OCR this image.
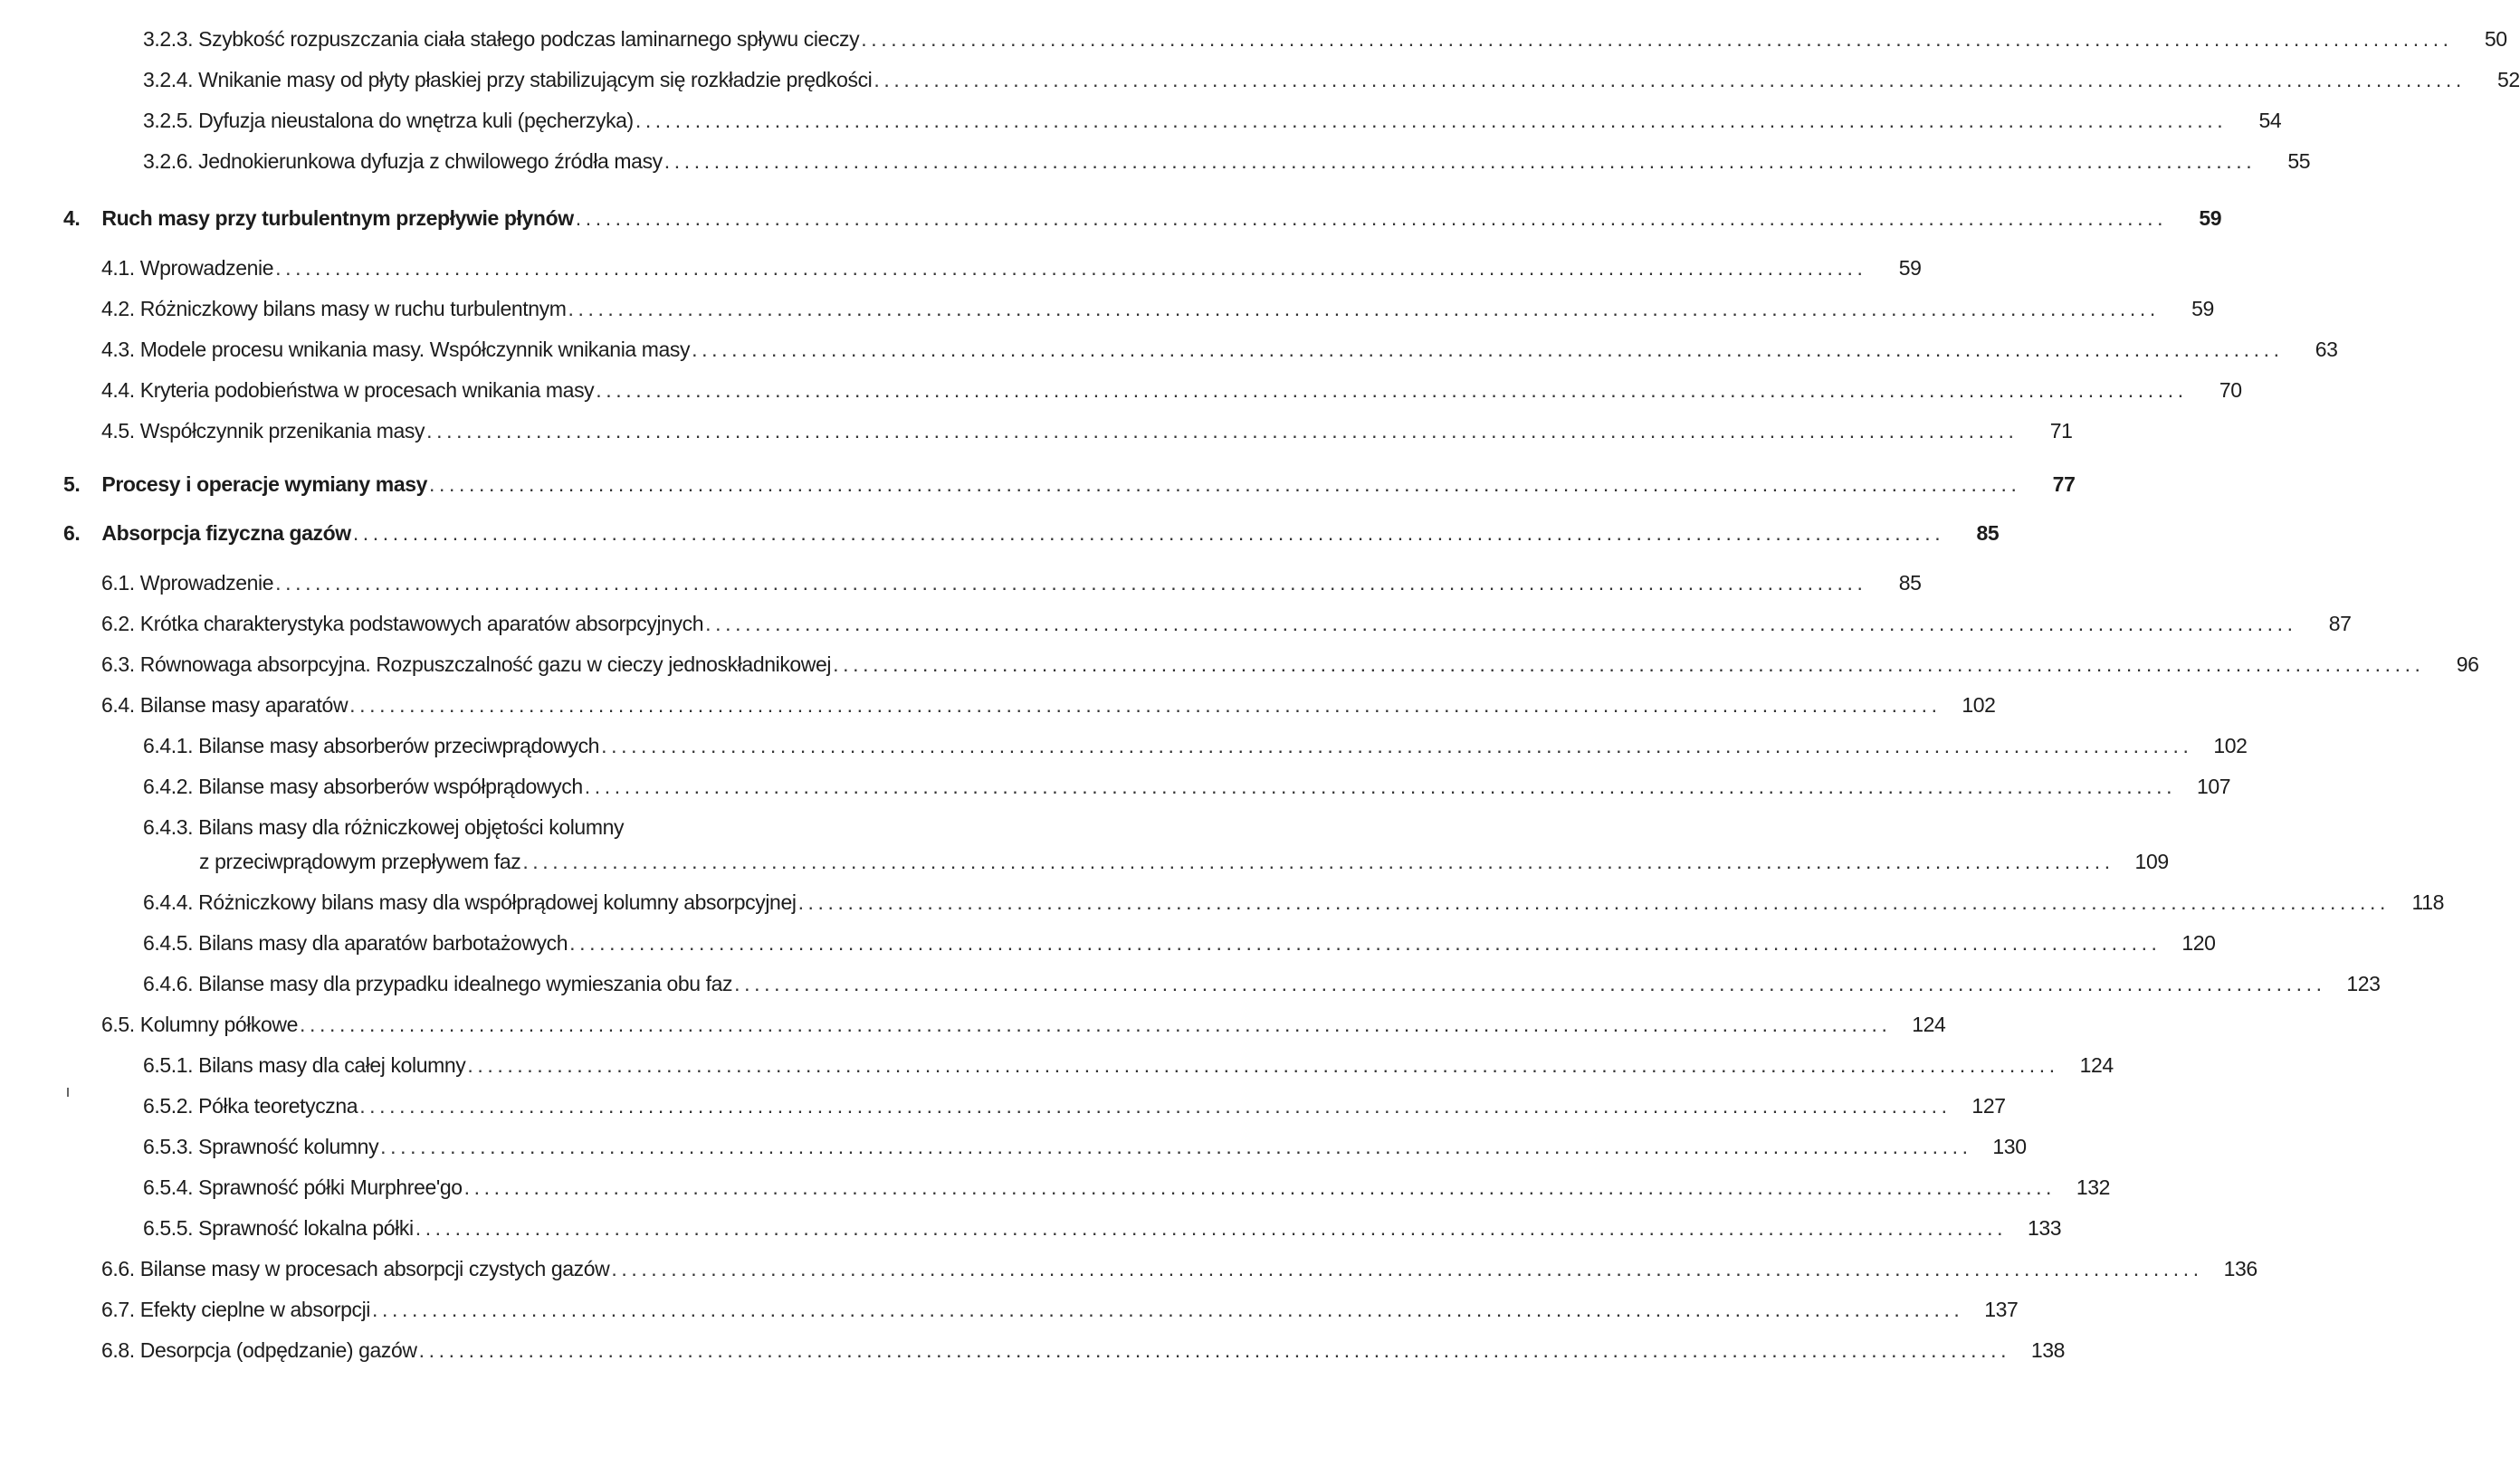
3.2.3. Szybkość rozpuszczania ciała stałego podczas laminarnego spływu cieczy ................................................................................................................................................................	50
3.2.4. Wnikanie masy od płyty płaskiej przy stabilizującym się rozkładzie prędkości ................................................................................................................................................................	52
3.2.5. Dyfuzja nieustalona do wnętrza kuli (pęcherzyka) ................................................................................................................................................................	54
3.2.6. Jednokierunkowa dyfuzja z chwilowego źródła masy ................................................................................................................................................................	55
4.	Ruch masy przy turbulentnym przepływie płynów ................................................................................................................................................................	59
4.1. Wprowadzenie ................................................................................................................................................................	59
4.2. Różniczkowy bilans masy w ruchu turbulentnym ................................................................................................................................................................	59
4.3. Modele procesu wnikania masy. Współczynnik wnikania masy ................................................................................................................................................................	63
4.4. Kryteria podobieństwa w procesach wnikania masy ................................................................................................................................................................	70
4.5. Współczynnik przenikania masy ................................................................................................................................................................	71
5.	Procesy i operacje wymiany masy ................................................................................................................................................................	77
6.	Absorpcja fizyczna gazów ................................................................................................................................................................	85
6.1. Wprowadzenie ................................................................................................................................................................	85
6.2. Krótka charakterystyka podstawowych aparatów absorpcyjnych ................................................................................................................................................................	87
6.3. Równowaga absorpcyjna. Rozpuszczalność gazu w cieczy jednoskładnikowej ................................................................................................................................................................	96
6.4. Bilanse masy aparatów ................................................................................................................................................................ 102
6.4.1. Bilanse masy absorberów przeciwprądowych ................................................................................................................................................................ 102
6.4.2. Bilanse masy absorberów współprądowych ................................................................................................................................................................ 107
6.4.3. Bilans masy dla różniczkowej objętości kolumny
z przeciwprądowym przepływem faz ................................................................................................................................................................ 109
6.4.4. Różniczkowy bilans masy dla współprądowej kolumny absorpcyjnej ................................................................................................................................................................	118
6.4.5. Bilans masy dla aparatów barbotażowych ................................................................................................................................................................ 120
6.4.6. Bilanse masy dla przypadku idealnego wymieszania obu faz ................................................................................................................................................................ 123
6.5. Kolumny półkowe ................................................................................................................................................................ 124
6.5.1. Bilans masy dla całej kolumny ................................................................................................................................................................ 124
6.5.2. Półka teoretyczna ................................................................................................................................................................ 127
6.5.3. Sprawność kolumny ................................................................................................................................................................ 130
6.5.4. Sprawność półki Murphree'go ................................................................................................................................................................ 132
6.5.5. Sprawność lokalna półki ................................................................................................................................................................ 133
6.6. Bilanse masy w procesach absorpcji czystych gazów ................................................................................................................................................................ 136
6.7. Efekty cieplne w absorpcji ................................................................................................................................................................ 137
6.8. Desorpcja (odpędzanie) gazów ................................................................................................................................................................ 138
